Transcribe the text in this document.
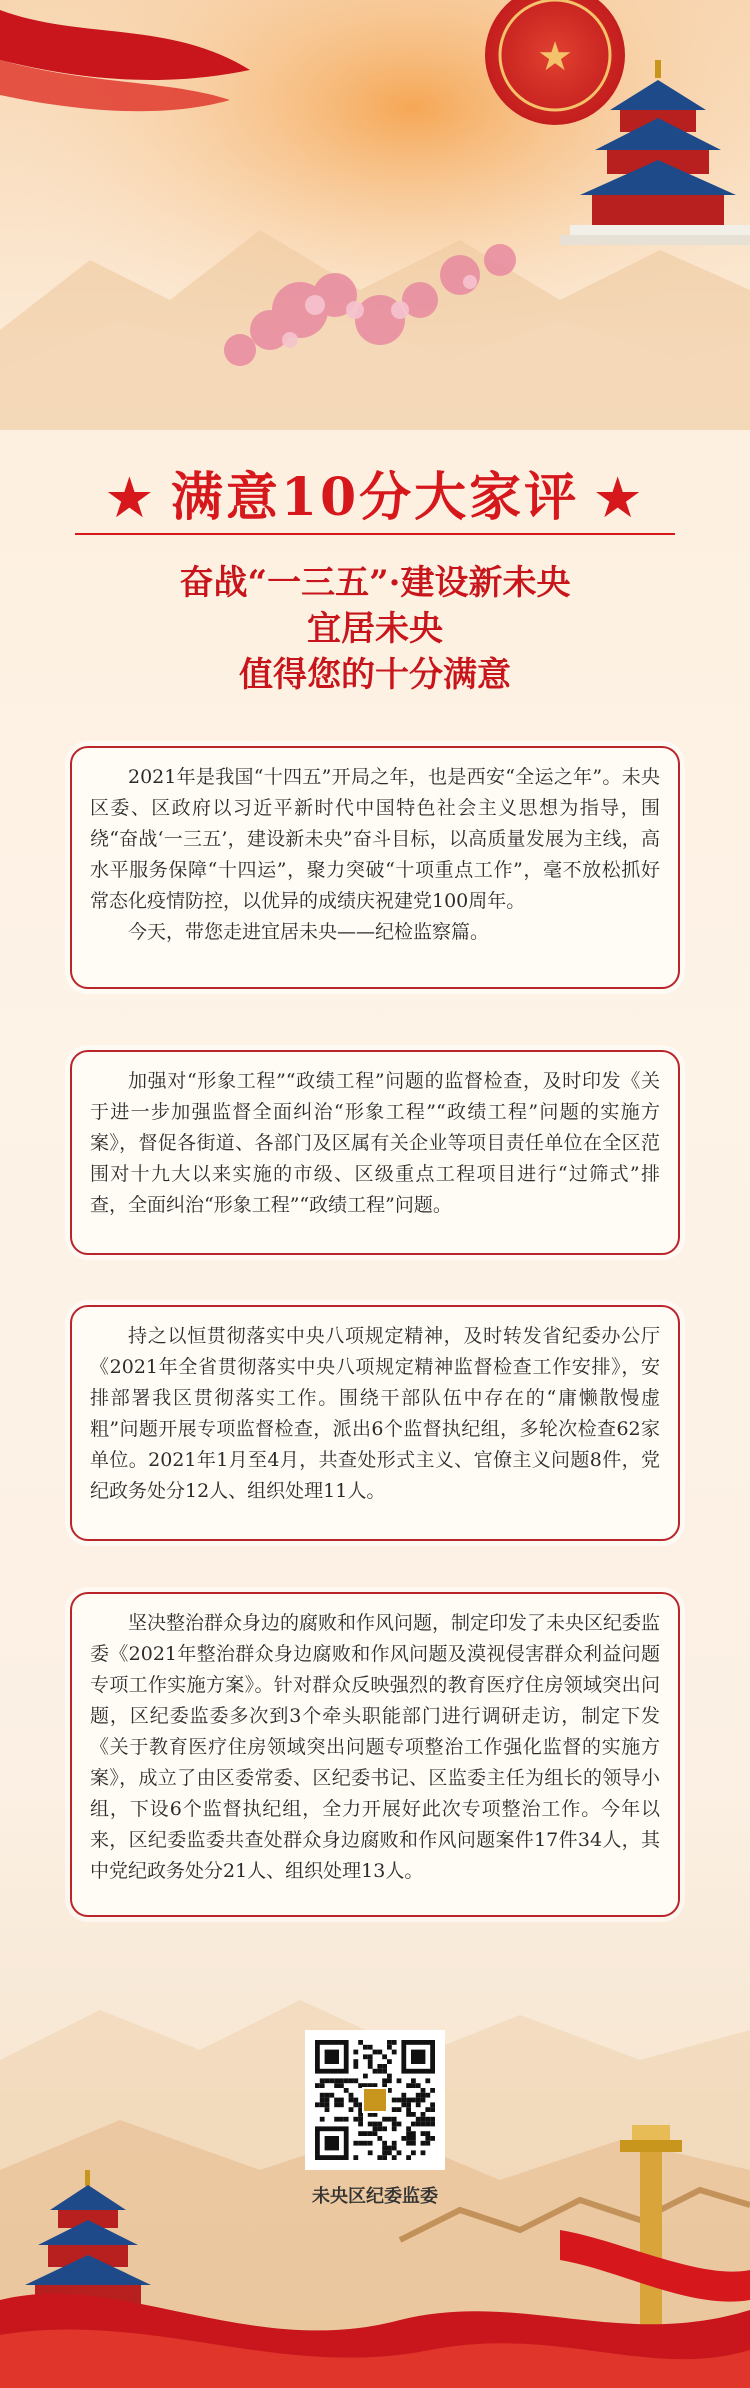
★
★ 满意10分大家评 ★
奋战“一三五”·建设新未央
宜居未央
值得您的十分满意

2021年是我国“十四五”开局之年，也是西安“全运之年”。未央区委、区政府以习近平新时代中国特色社会主义思想为指导，围绕“奋战‘一三五’，建设新未央”奋斗目标，以高质量发展为主线，高水平服务保障“十四运”，聚力突破“十项重点工作”，毫不放松抓好常态化疫情防控，以优异的成绩庆祝建党100周年。

今天，带您走进宜居未央——纪检监察篇。

加强对“形象工程”“政绩工程”问题的监督检查，及时印发《关于进一步加强监督全面纠治“形象工程”“政绩工程”问题的实施方案》，督促各街道、各部门及区属有关企业等项目责任单位在全区范围对十九大以来实施的市级、区级重点工程项目进行“过筛式”排查，全面纠治“形象工程”“政绩工程”问题。

持之以恒贯彻落实中央八项规定精神，及时转发省纪委办公厅《2021年全省贯彻落实中央八项规定精神监督检查工作安排》，安排部署我区贯彻落实工作。围绕干部队伍中存在的“庸懒散慢虚粗”问题开展专项监督检查，派出6个监督执纪组，多轮次检查62家单位。2021年1月至4月，共查处形式主义、官僚主义问题8件，党纪政务处分12人、组织处理11人。

坚决整治群众身边的腐败和作风问题，制定印发了未央区纪委监委《2021年整治群众身边腐败和作风问题及漠视侵害群众利益问题专项工作实施方案》。针对群众反映强烈的教育医疗住房领域突出问题，区纪委监委多次到3个牵头职能部门进行调研走访，制定下发《关于教育医疗住房领域突出问题专项整治工作强化监督的实施方案》，成立了由区委常委、区纪委书记、区监委主任为组长的领导小组，下设6个监督执纪组，全力开展好此次专项整治工作。今年以来，区纪委监委共查处群众身边腐败和作风问题案件17件34人，其中党纪政务处分21人、组织处理13人。

未央区纪委监委
